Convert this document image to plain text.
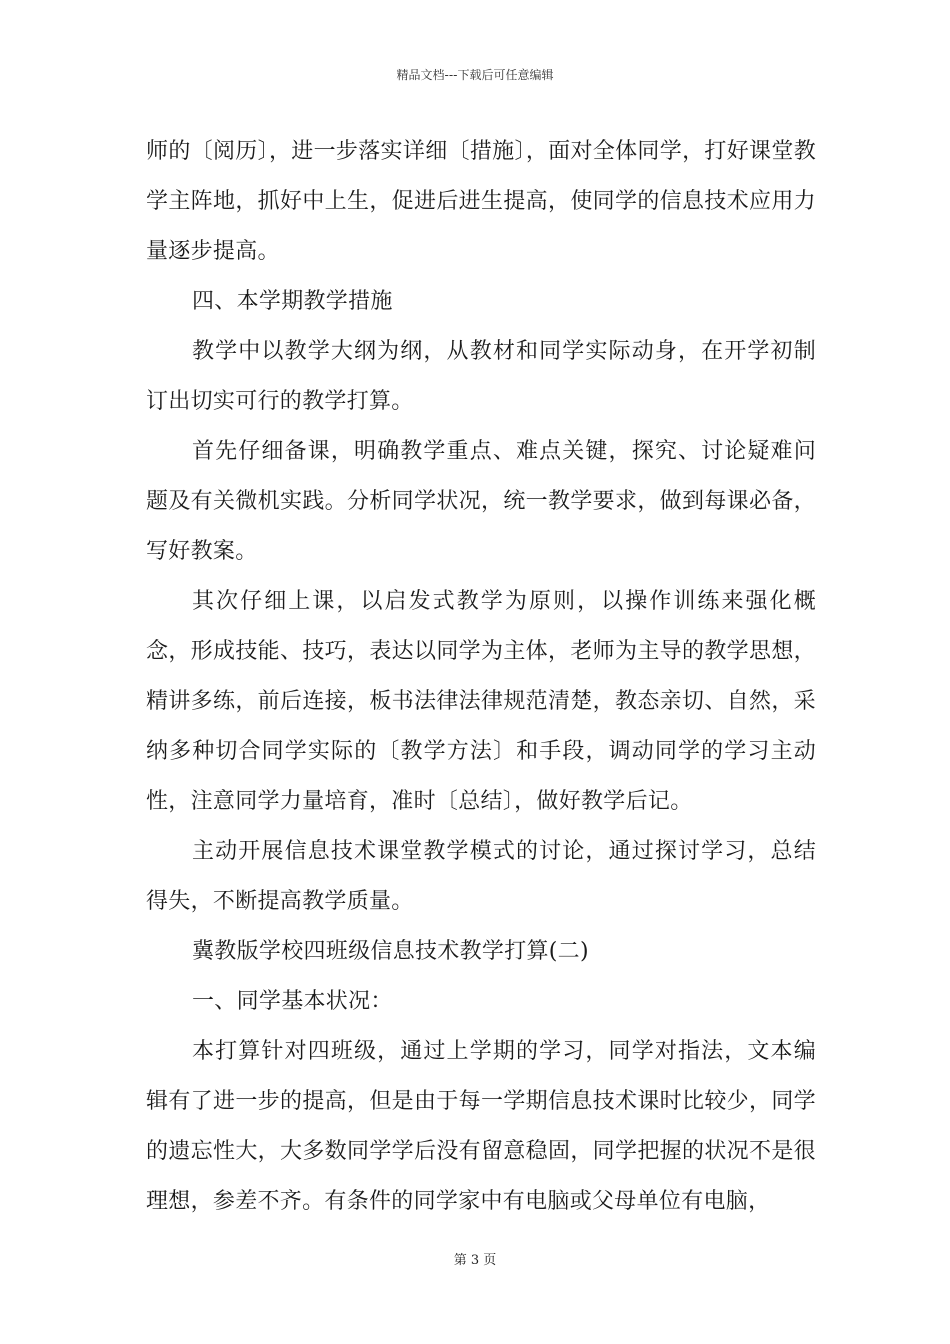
精品文档---下载后可任意编辑

师的〔阅历〕，进一步落实详细〔措施〕，面对全体同学，打好课堂教学主阵地，抓好中上生，促进后进生提高，使同学的信息技术应用力量逐步提高。

四、本学期教学措施

教学中以教学大纲为纲，从教材和同学实际动身，在开学初制订出切实可行的教学打算。

首先仔细备课，明确教学重点、难点关键，探究、讨论疑难问题及有关微机实践。分析同学状况，统一教学要求，做到每课必备，写好教案。

其次仔细上课，以启发式教学为原则，以操作训练来强化概念，形成技能、技巧，表达以同学为主体，老师为主导的教学思想，精讲多练，前后连接，板书法律法律规范清楚，教态亲切、自然，采纳多种切合同学实际的〔教学方法〕和手段，调动同学的学习主动性，注意同学力量培育，准时〔总结〕，做好教学后记。

主动开展信息技术课堂教学模式的讨论，通过探讨学习，总结得失，不断提高教学质量。

冀教版学校四班级信息技术教学打算(二)

一、同学基本状况：

本打算针对四班级，通过上学期的学习，同学对指法，文本编辑有了进一步的提高，但是由于每一学期信息技术课时比较少，同学的遗忘性大，大多数同学学后没有留意稳固，同学把握的状况不是很理想，参差不齐。有条件的同学家中有电脑或父母单位有电脑，

第 3 页
